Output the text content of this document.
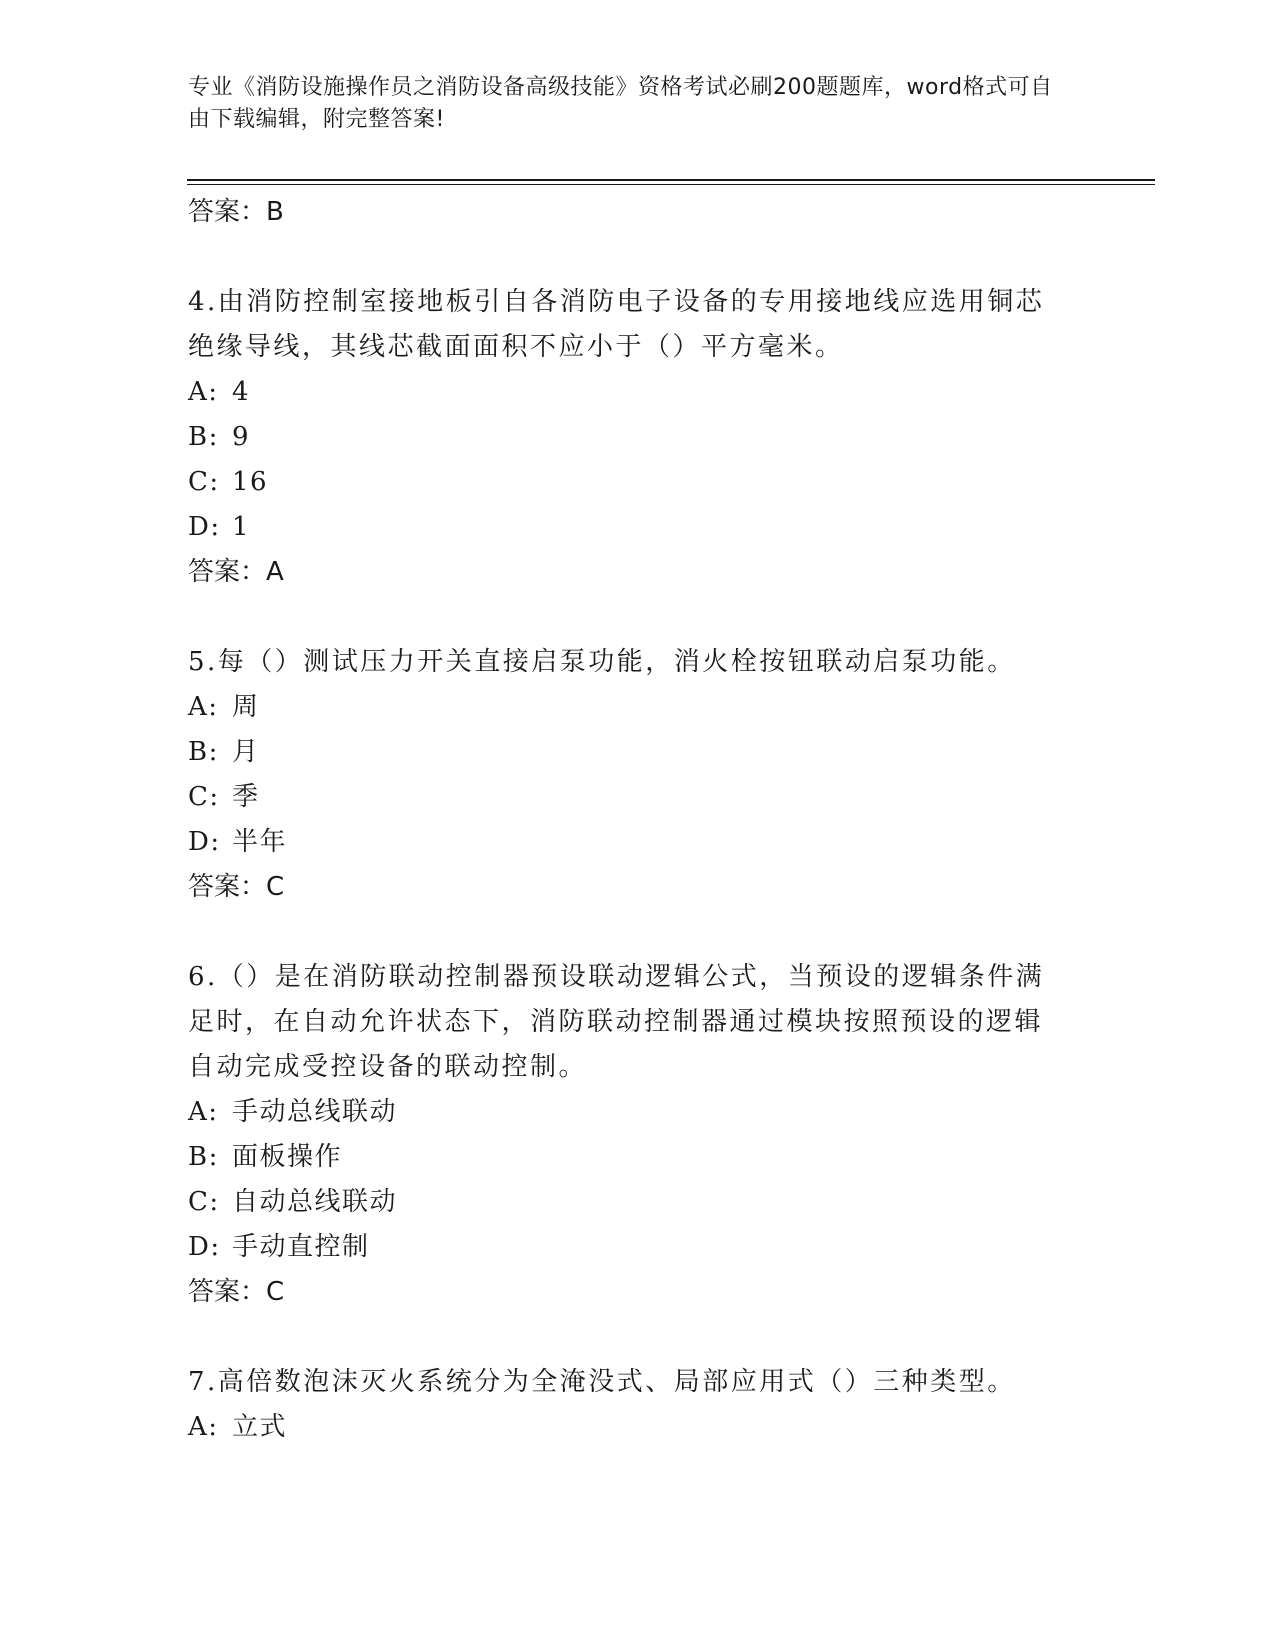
专业《消防设施操作员之消防设备高级技能》资格考试必刷200题题库，word格式可自由下载编辑，附完整答案!
答案：B
4.由消防控制室接地板引自各消防电子设备的专用接地线应选用铜芯绝缘导线，其线芯截面面积不应小于（）平方毫米。
A: 4
B: 9
C: 16
D: 1
答案：A
5.每（）测试压力开关直接启泵功能，消火栓按钮联动启泵功能。
A: 周
B: 月
C: 季
D: 半年
答案：C
6.（）是在消防联动控制器预设联动逻辑公式，当预设的逻辑条件满足时，在自动允许状态下，消防联动控制器通过模块按照预设的逻辑自动完成受控设备的联动控制。
A: 手动总线联动
B: 面板操作
C: 自动总线联动
D: 手动直控制
答案：C
7.高倍数泡沫灭火系统分为全淹没式、局部应用式（）三种类型。
A: 立式
